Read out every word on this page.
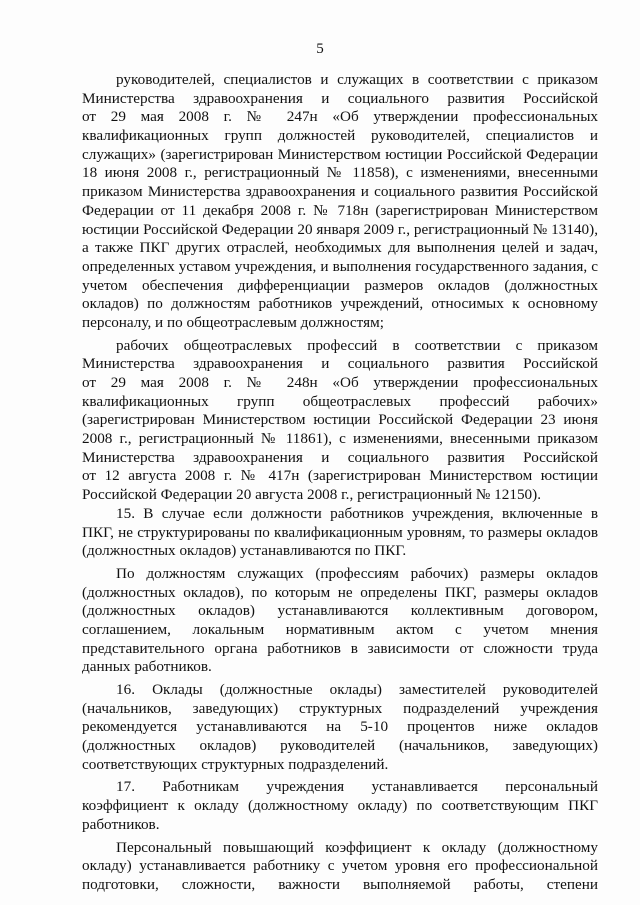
5
руководителей, специалистов и служащих в соответствии с приказом
Министерства здравоохранения и социального развития Российской
от 29 мая 2008 г. № 247н «Об утверждении профессиональных
квалификационных групп должностей руководителей, специалистов и
служащих» (зарегистрирован Министерством юстиции Российской Федерации
18 июня 2008 г., регистрационный № 11858), с изменениями, внесенными
приказом Министерства здравоохранения и социального развития Российской
Федерации от 11 декабря 2008 г. № 718н (зарегистрирован Министерством
юстиции Российской Федерации 20 января 2009 г., регистрационный № 13140),
а также ПКГ других отраслей, необходимых для выполнения целей и задач,
определенных уставом учреждения, и выполнения государственного задания, с
учетом обеспечения дифференциации размеров окладов (должностных
окладов) по должностям работников учреждений, относимых к основному
персоналу, и по общеотраслевым должностям;
рабочих общеотраслевых профессий в соответствии с приказом
Министерства здравоохранения и социального развития Российской
от 29 мая 2008 г. № 248н «Об утверждении профессиональных
квалификационных групп общеотраслевых профессий рабочих»
(зарегистрирован Министерством юстиции Российской Федерации 23 июня
2008 г., регистрационный № 11861), с изменениями, внесенными приказом
Министерства здравоохранения и социального развития Российской
от 12 августа 2008 г. № 417н (зарегистрирован Министерством юстиции
Российской Федерации 20 августа 2008 г., регистрационный № 12150).
15. В случае если должности работников учреждения, включенные в
ПКГ, не структурированы по квалификационным уровням, то размеры окладов
(должностных окладов) устанавливаются по ПКГ.
По должностям служащих (профессиям рабочих) размеры окладов
(должностных окладов), по которым не определены ПКГ, размеры окладов
(должностных окладов) устанавливаются коллективным договором,
соглашением, локальным нормативным актом с учетом мнения
представительного органа работников в зависимости от сложности труда
данных работников.
16. Оклады (должностные оклады) заместителей руководителей
(начальников, заведующих) структурных подразделений учреждения
рекомендуется устанавливаются на 5-10 процентов ниже окладов
(должностных окладов) руководителей (начальников, заведующих)
соответствующих структурных подразделений.
17. Работникам учреждения устанавливается персональный
коэффициент к окладу (должностному окладу) по соответствующим ПКГ
работников.
Персональный повышающий коэффициент к окладу (должностному
окладу) устанавливается работнику с учетом уровня его профессиональной
подготовки, сложности, важности выполняемой работы, степени
